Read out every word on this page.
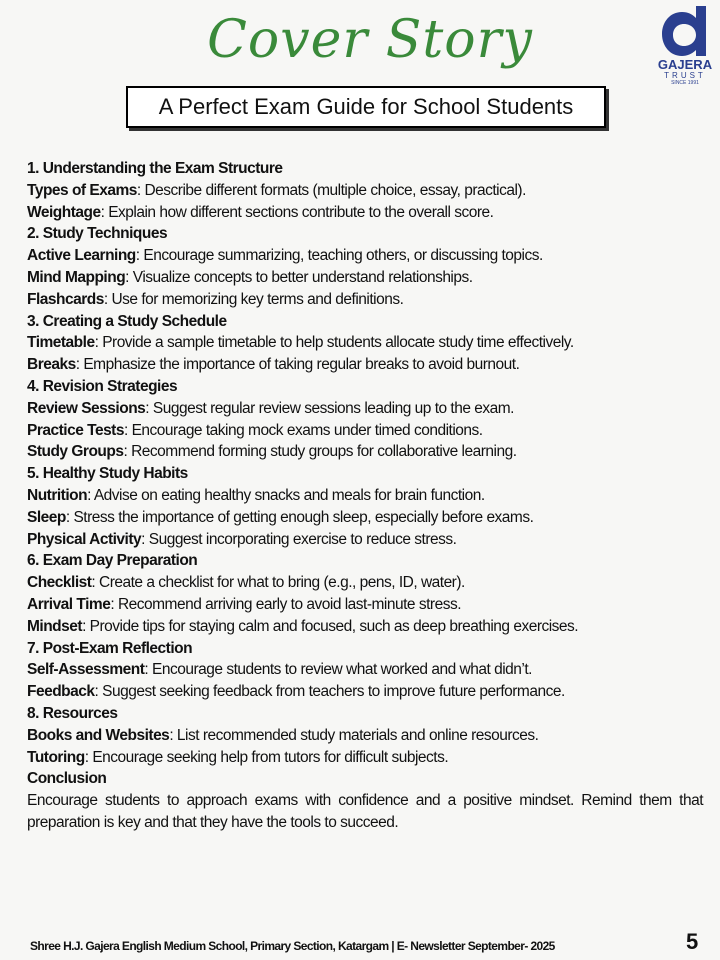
Cover Story	GAJERA
TRUST
SINCE 1991
A Perfect Exam Guide for School Students

1. Understanding the Exam Structure

Types of Exams: Describe different formats (multiple choice, essay, practical).

Weightage: Explain how different sections contribute to the overall score.

2. Study Techniques

Active Learning: Encourage summarizing, teaching others, or discussing topics.

Mind Mapping: Visualize concepts to better understand relationships.

Flashcards: Use for memorizing key terms and definitions.

3. Creating a Study Schedule

Timetable: Provide a sample timetable to help students allocate study time effectively.

Breaks: Emphasize the importance of taking regular breaks to avoid burnout.

4. Revision Strategies

Review Sessions: Suggest regular review sessions leading up to the exam.

Practice Tests: Encourage taking mock exams under timed conditions.

Study Groups: Recommend forming study groups for collaborative learning.

5. Healthy Study Habits

Nutrition: Advise on eating healthy snacks and meals for brain function.

Sleep: Stress the importance of getting enough sleep, especially before exams.

Physical Activity: Suggest incorporating exercise to reduce stress.

6. Exam Day Preparation

Checklist: Create a checklist for what to bring (e.g., pens, ID, water).

Arrival Time: Recommend arriving early to avoid last-minute stress.

Mindset: Provide tips for staying calm and focused, such as deep breathing exercises.

7. Post-Exam Reflection

Self-Assessment: Encourage students to review what worked and what didn’t.

Feedback: Suggest seeking feedback from teachers to improve future performance.

8. Resources

Books and Websites: List recommended study materials and online resources.

Tutoring: Encourage seeking help from tutors for difficult subjects.

Conclusion

Encourage students to approach exams with confidence and a positive mindset. Remind them that preparation is key and that they have the tools to succeed.

Shree H.J. Gajera English Medium School, Primary Section, Katargam | E- Newsletter September- 2025	5
